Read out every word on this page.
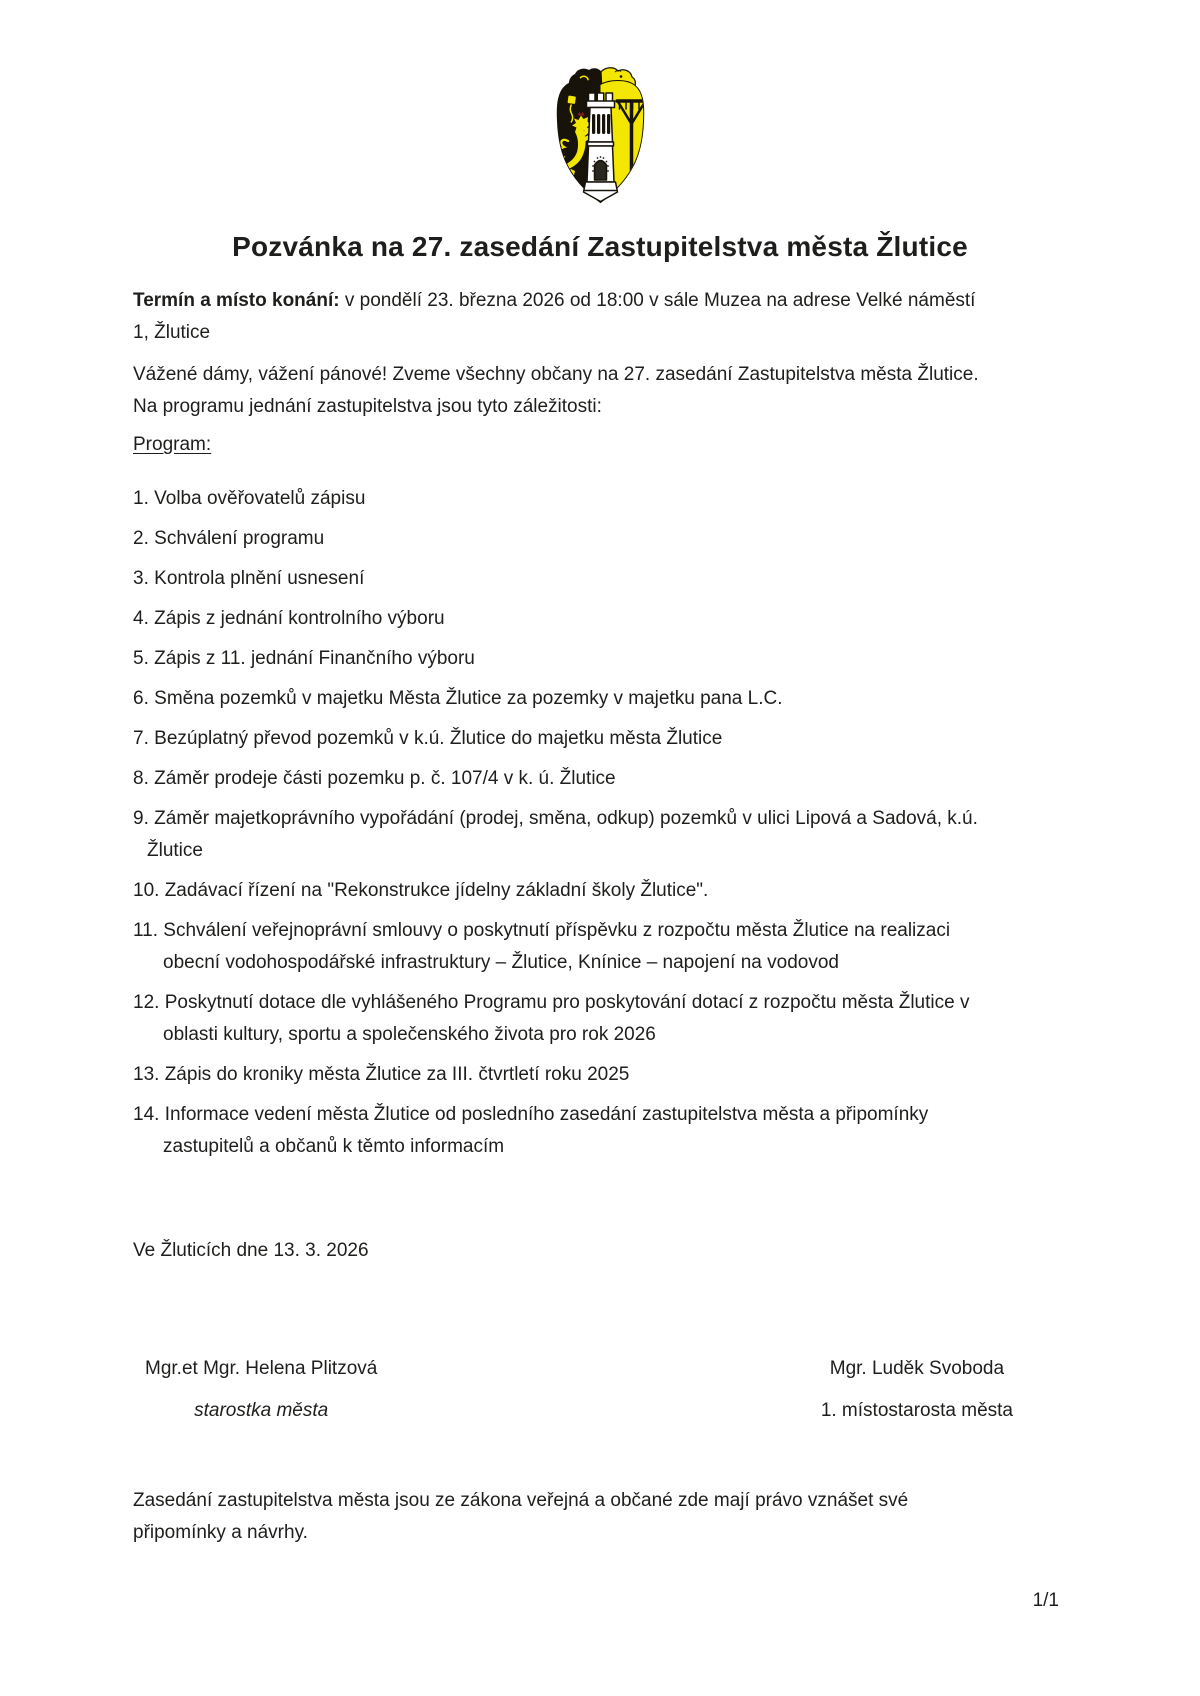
Pozvánka na 27. zasedání Zastupitelstva města Žlutice

Termín a místo konání: v pondělí 23. března 2026 od 18:00 v sále Muzea na adrese Velké náměstí
1, Žlutice

Vážené dámy, vážení pánové! Zveme všechny občany na 27. zasedání Zastupitelstva města Žlutice.
Na programu jednání zastupitelstva jsou tyto záležitosti:

Program:

1. Volba ověřovatelů zápisu
2. Schválení programu
3. Kontrola plnění usnesení
4. Zápis z jednání kontrolního výboru
5. Zápis z 11. jednání Finančního výboru
6. Směna pozemků v majetku Města Žlutice za pozemky v majetku pana L.C.
7. Bezúplatný převod pozemků v k.ú. Žlutice do majetku města Žlutice
8. Záměr prodeje části pozemku p. č. 107/4 v k. ú. Žlutice
9. Záměr majetkoprávního vypořádání (prodej, směna, odkup) pozemků v ulici Lipová a Sadová, k.ú.
Žlutice
10. Zadávací řízení na "Rekonstrukce jídelny základní školy Žlutice".
11. Schválení veřejnoprávní smlouvy o poskytnutí příspěvku z rozpočtu města Žlutice na realizaci
obecní vodohospodářské infrastruktury – Žlutice, Knínice – napojení na vodovod
12. Poskytnutí dotace dle vyhlášeného Programu pro poskytování dotací z rozpočtu města Žlutice v
oblasti kultury, sportu a společenského života pro rok 2026
13. Zápis do kroniky města Žlutice za III. čtvrtletí roku 2025
14. Informace vedení města Žlutice od posledního zasedání zastupitelstva města a připomínky
zastupitelů a občanů k těmto informacím

Ve Žluticích dne 13. 3. 2026

Mgr.et Mgr. Helena Plitzová
starostka města
Mgr. Luděk Svoboda
1. místostarosta města

Zasedání zastupitelstva města jsou ze zákona veřejná a občané zde mají právo vznášet své
připomínky a návrhy.

1/1
